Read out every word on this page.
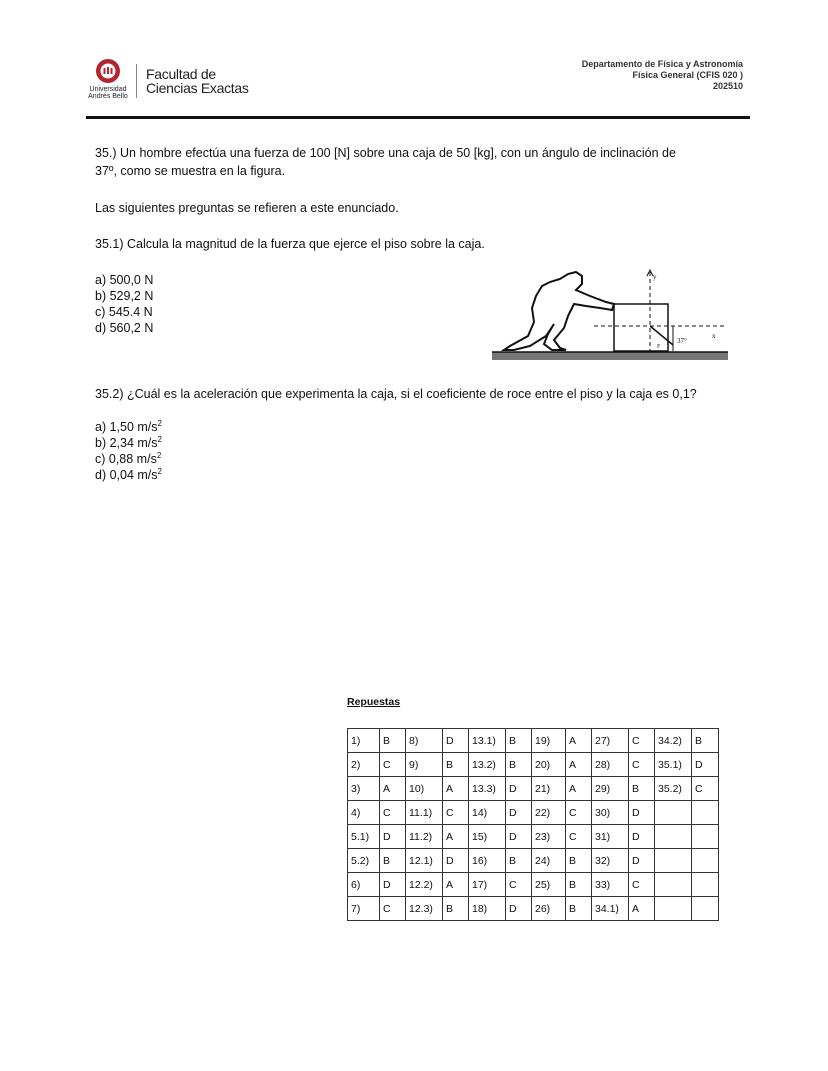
Universidad
Andrés Bello
Facultad de
Ciencias Exactas
Departamento de Física y Astronomía
Física General (CFIS 020 )
202510
35.) Un hombre efectúa una fuerza de 100 [N] sobre una caja de 50 [kg], con un ángulo de inclinación de
37º, como se muestra en la figura.
Las siguientes preguntas se refieren a este enunciado.
35.1) Calcula la magnitud de la fuerza que ejerce el piso sobre la caja.
a) 500,0 N
b) 529,2 N
c) 545.4 N
d) 560,2 N
y
x
37°
F
35.2) ¿Cuál es la aceleración que experimenta la caja, si el coeficiente de roce entre el piso y la caja es 0,1?
a) 1,50 $m/s^2$
b) 2,34 $m/s^2$
c) 0,88 $m/s^2$
d) 0,04 $m/s^2$
Repuestas
1)	B	8)	D	13.1)	B	19)	A	27)	C	34.2)	B
2)	C	9)	B	13.2)	B	20)	A	28)	C	35.1)	D
3)	A	10)	A	13.3)	D	21)	A	29)	B	35.2)	C
4)	C	11.1)	C	14)	D	22)	C	30)	D		
5.1)	D	11.2)	A	15)	D	23)	C	31)	D		
5.2)	B	12.1)	D	16)	B	24)	B	32)	D		
6)	D	12.2)	A	17)	C	25)	B	33)	C		
7)	C	12.3)	B	18)	D	26)	B	34.1)	A		
